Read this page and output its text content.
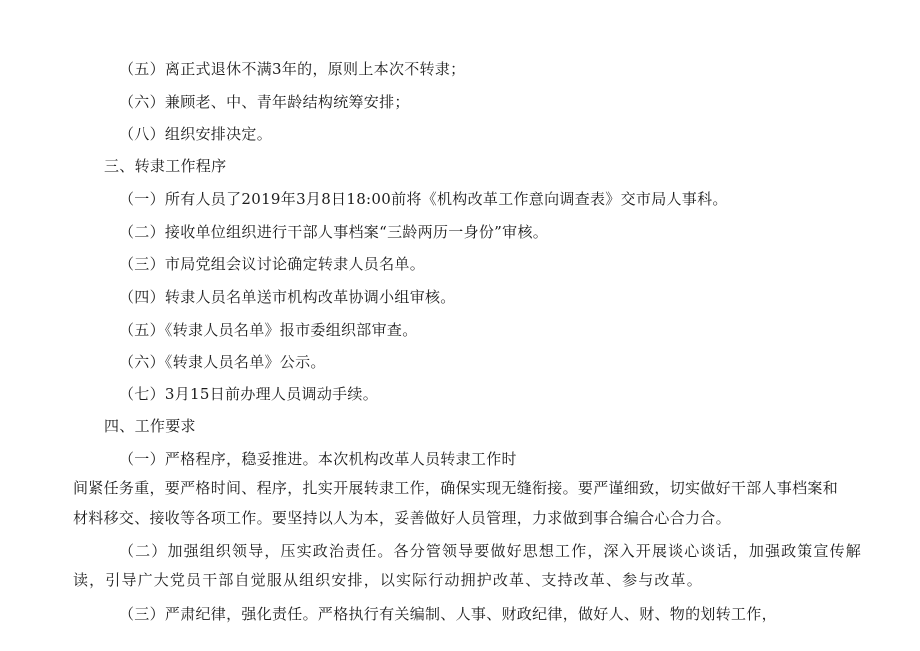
（五）离正式退休不满3年的，原则上本次不转隶；
（六）兼顾老、中、青年龄结构统筹安排；
（八）组织安排决定。
三、转隶工作程序
（一）所有人员了2019年3月8日18:00前将《机构改革工作意向调查表》交市局人事科。
（二）接收单位组织进行干部人事档案“三龄两历一身份”审核。
（三）市局党组会议讨论确定转隶人员名单。
（四）转隶人员名单送市机构改革协调小组审核。
（五）《转隶人员名单》报市委组织部审查。
（六）《转隶人员名单》公示。
（七）3月15日前办理人员调动手续。
四、工作要求
（一）严格程序，稳妥推进。本次机构改革人员转隶工作时
间紧任务重，要严格时间、程序，扎实开展转隶工作，确保实现无缝衔接。要严谨细致，切实做好干部人事档案和
材料移交、接收等各项工作。要坚持以人为本，妥善做好人员管理，力求做到事合编合心合力合。
（二）加强组织领导，压实政治责任。各分管领导要做好思想工作，深入开展谈心谈话，加强政策宣传解
读，引导广大党员干部自觉服从组织安排，以实际行动拥护改革、支持改革、参与改革。
（三）严肃纪律，强化责任。严格执行有关编制、人事、财政纪律，做好人、财、物的划转工作，
